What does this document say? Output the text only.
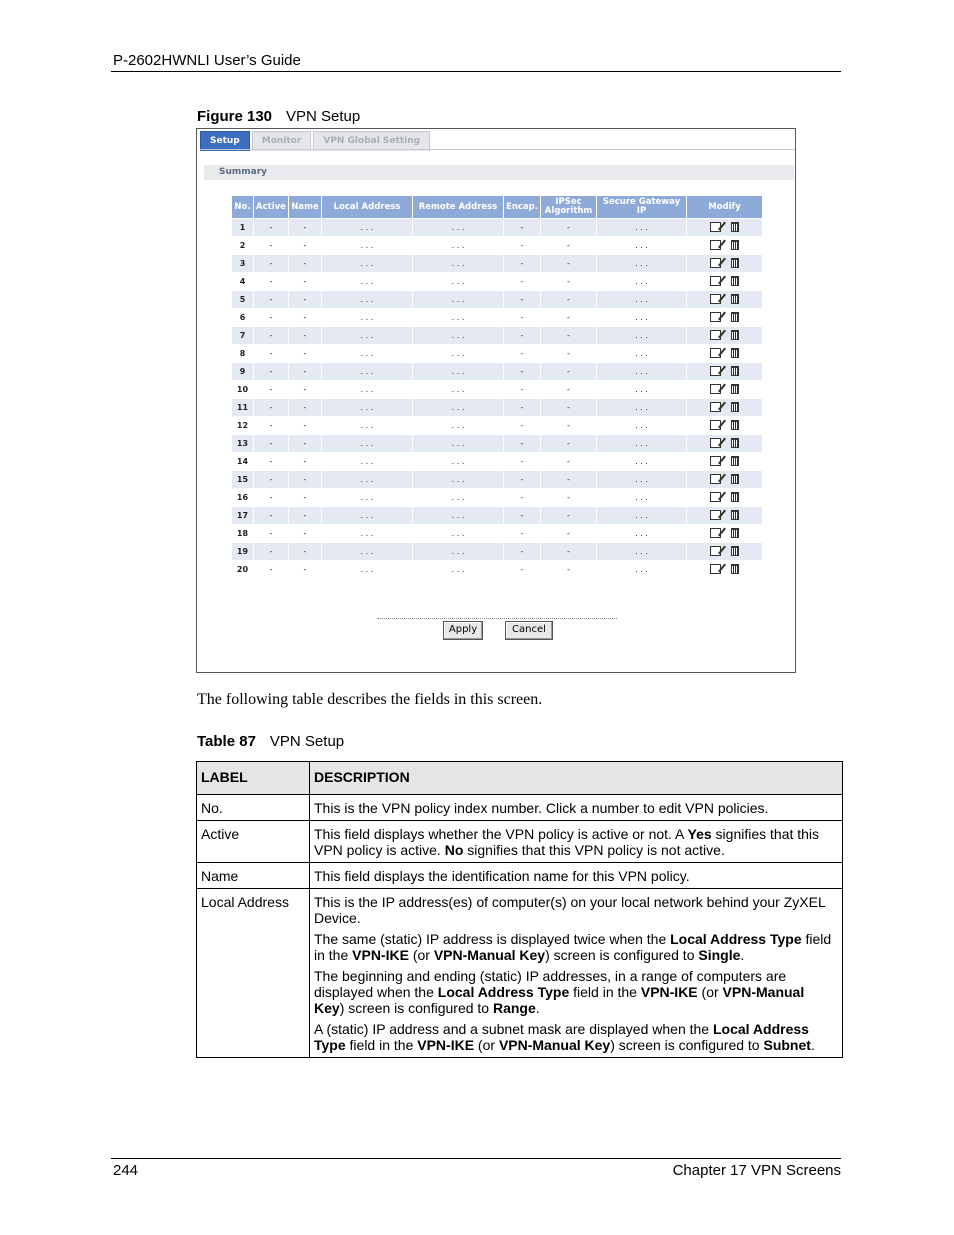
P-2602HWNLI User’s Guide
Figure 130 VPN Setup
Setup	Monitor	VPN Global Setting
Summary
No.	Active	Name	Local Address	Remote Address	Encap.	IPSec Algorithm	Secure Gateway IP	Modify
1	-	-	. . .	. . .	-	-	. . .	

2	-	-	. . .	. . .	-	-	. . .	

3	-	-	. . .	. . .	-	-	. . .	

4	-	-	. . .	. . .	-	-	. . .	

5	-	-	. . .	. . .	-	-	. . .	

6	-	-	. . .	. . .	-	-	. . .	

7	-	-	. . .	. . .	-	-	. . .	

8	-	-	. . .	. . .	-	-	. . .	

9	-	-	. . .	. . .	-	-	. . .	

10	-	-	. . .	. . .	-	-	. . .	

11	-	-	. . .	. . .	-	-	. . .	

12	-	-	. . .	. . .	-	-	. . .	

13	-	-	. . .	. . .	-	-	. . .	

14	-	-	. . .	. . .	-	-	. . .	

15	-	-	. . .	. . .	-	-	. . .	

16	-	-	. . .	. . .	-	-	. . .	

17	-	-	. . .	. . .	-	-	. . .	

18	-	-	. . .	. . .	-	-	. . .	

19	-	-	. . .	. . .	-	-	. . .	

20	-	-	. . .	. . .	-	-	. . .	
Apply	Cancel
The following table describes the fields in this screen.
Table 87 VPN Setup
LABEL	DESCRIPTION
No.	This is the VPN policy index number. Click a number to edit VPN policies.

Active	This field displays whether the VPN policy is active or not. A Yes signifies that this VPN policy is active. No signifies that this VPN policy is not active.

Name	This field displays the identification name for this VPN policy.

Local Address	This is the IP address(es) of computer(s) on your local network behind your ZyXEL Device.

The same (static) IP address is displayed twice when the Local Address Type field in the VPN-IKE (or VPN-Manual Key) screen is configured to Single.

The beginning and ending (static) IP addresses, in a range of computers are displayed when the Local Address Type field in the VPN-IKE (or VPN-Manual Key) screen is configured to Range.

A (static) IP address and a subnet mask are displayed when the Local Address Type field in the VPN-IKE (or VPN-Manual Key) screen is configured to Subnet.

244	Chapter 17 VPN Screens
